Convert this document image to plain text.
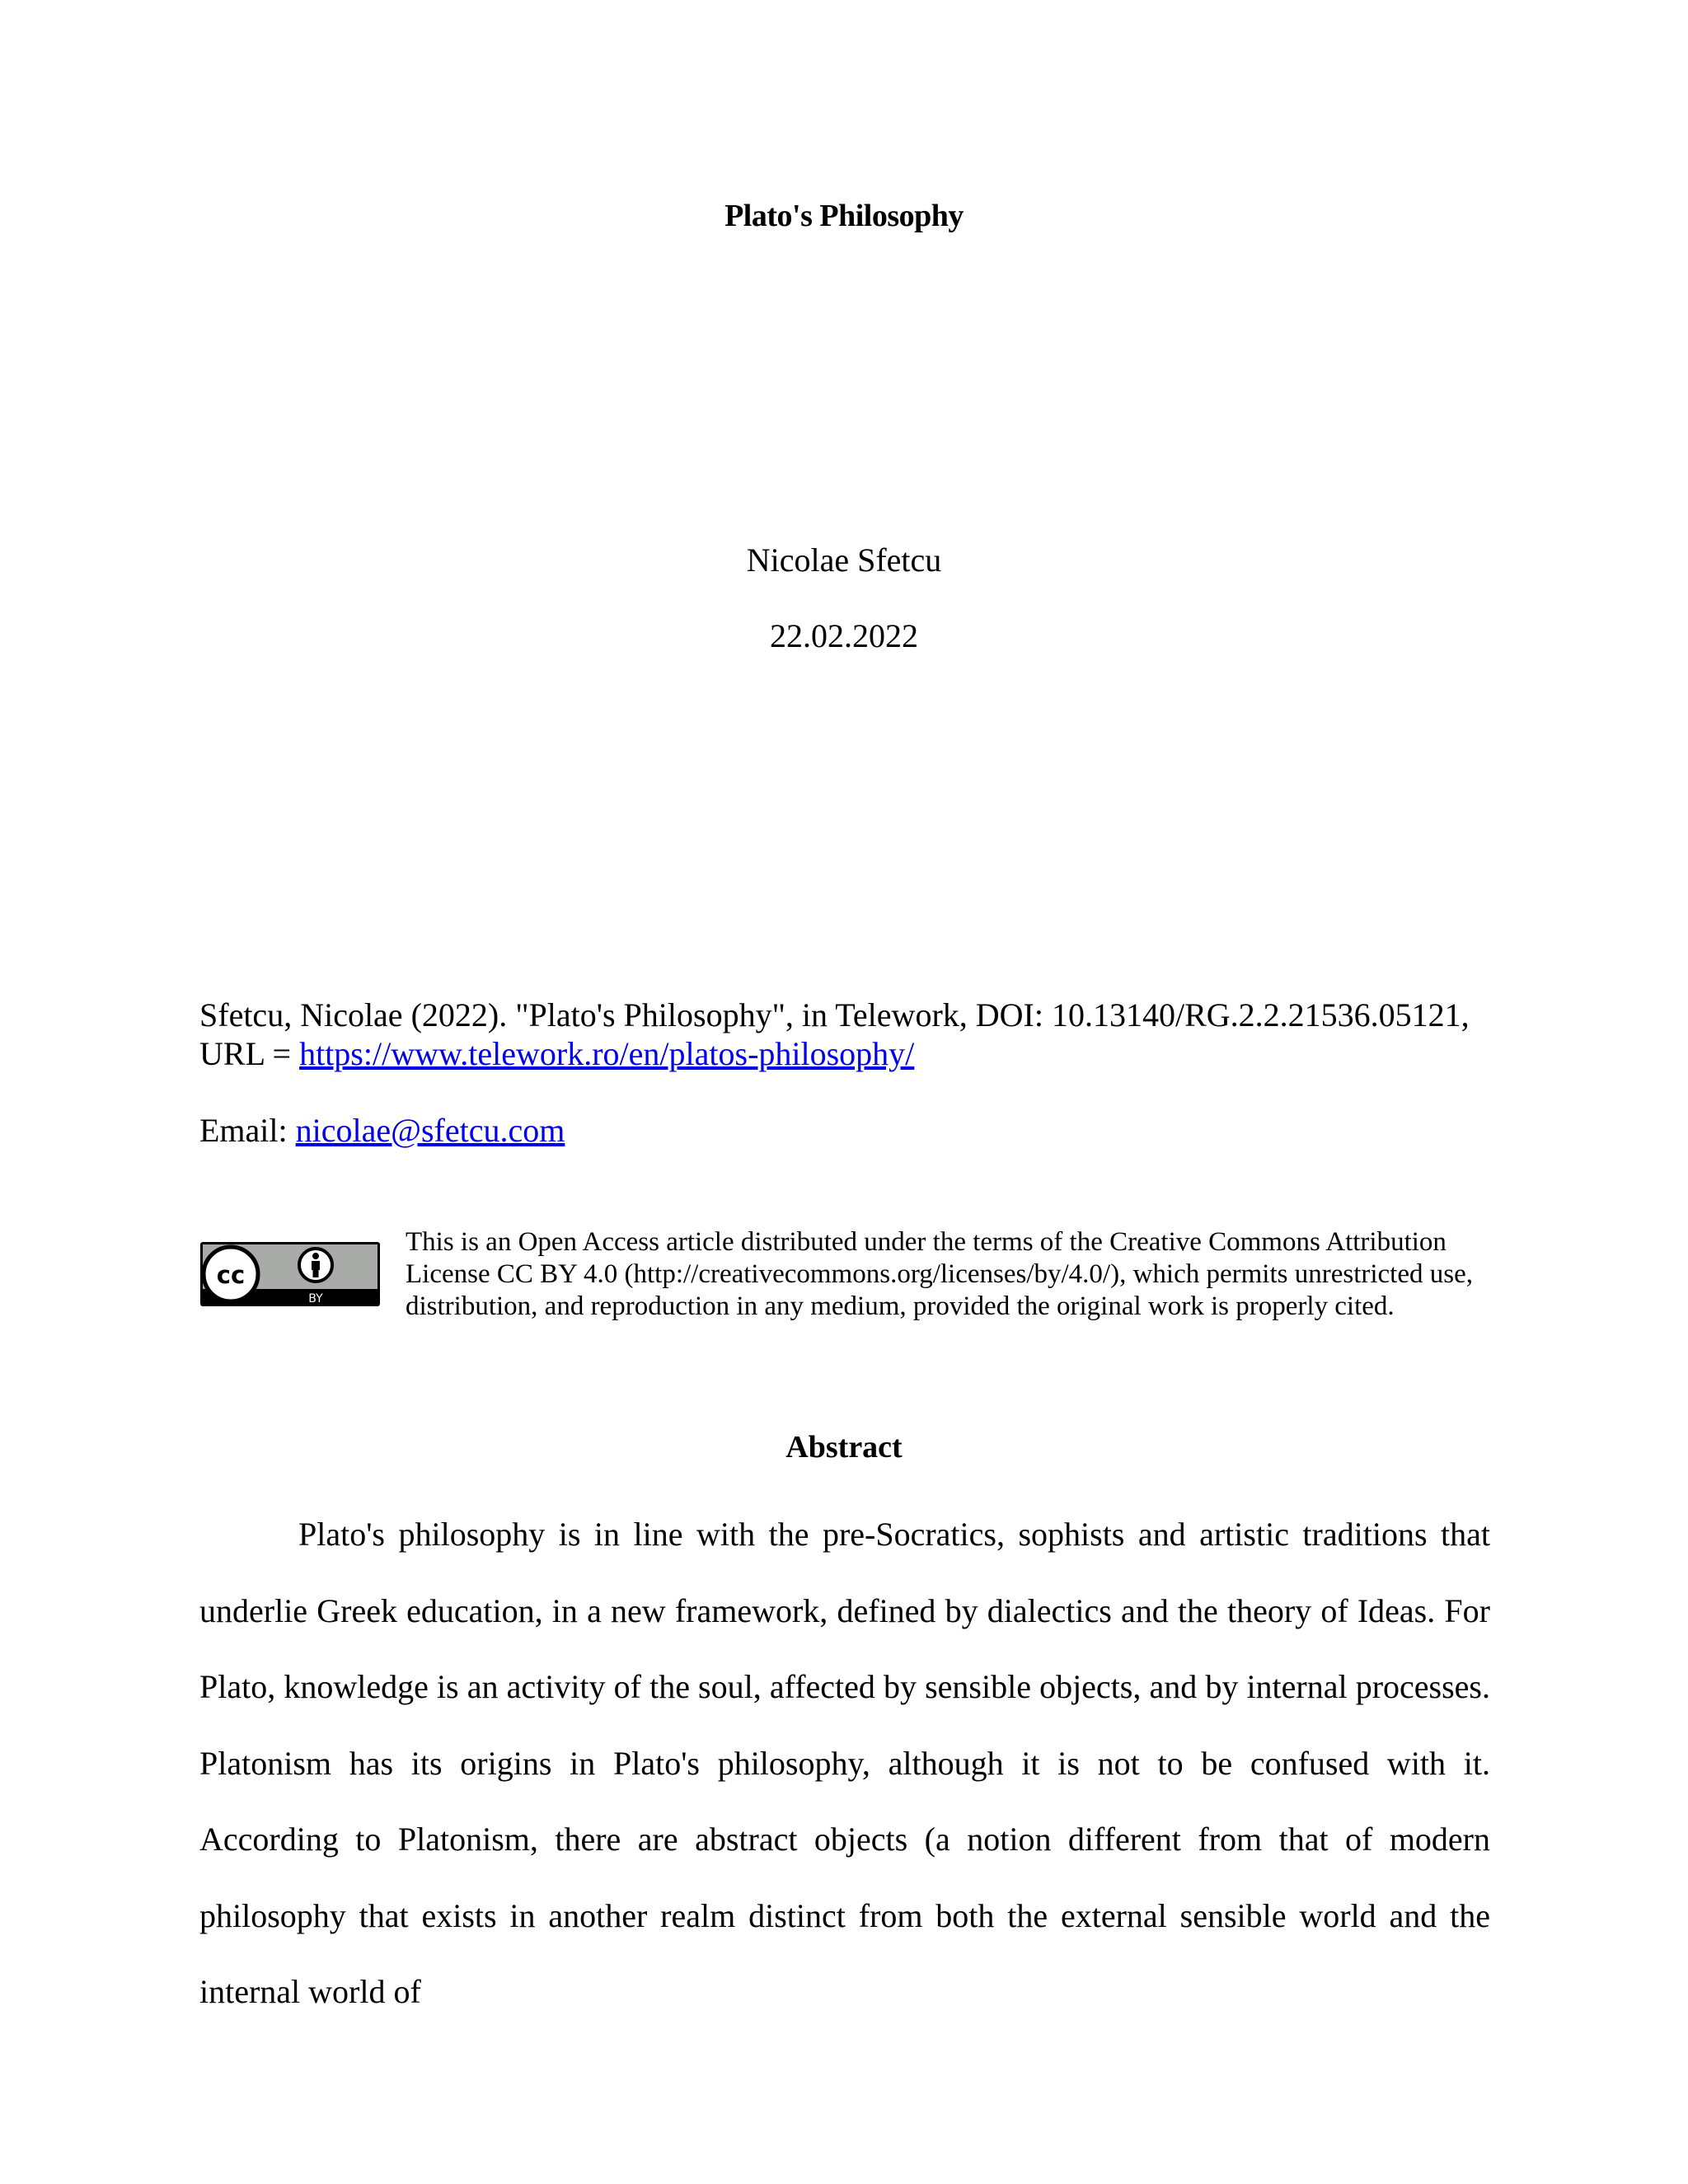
Plato's Philosophy
Nicolae Sfetcu
22.02.2022
Sfetcu, Nicolae (2022). "Plato's Philosophy", in Telework, DOI: 10.13140/RG.2.2.21536.05121, URL = https://www.telework.ro/en/platos-philosophy/
Email: nicolae@sfetcu.com
cc
BY
This is an Open Access article distributed under the terms of the Creative Commons Attribution License CC BY 4.0 (http://creativecommons.org/licenses/by/4.0/), which permits unrestricted use, distribution, and reproduction in any medium, provided the original work is properly cited.
Abstract
Plato's philosophy is in line with the pre-Socratics, sophists and artistic traditions that underlie Greek education, in a new framework, defined by dialectics and the theory of Ideas. For Plato, knowledge is an activity of the soul, affected by sensible objects, and by internal processes. Platonism has its origins in Plato's philosophy, although it is not to be confused with it. According to Platonism, there are abstract objects (a notion different from that of modern philosophy that exists in another realm distinct from both the external sensible world and the internal world of
